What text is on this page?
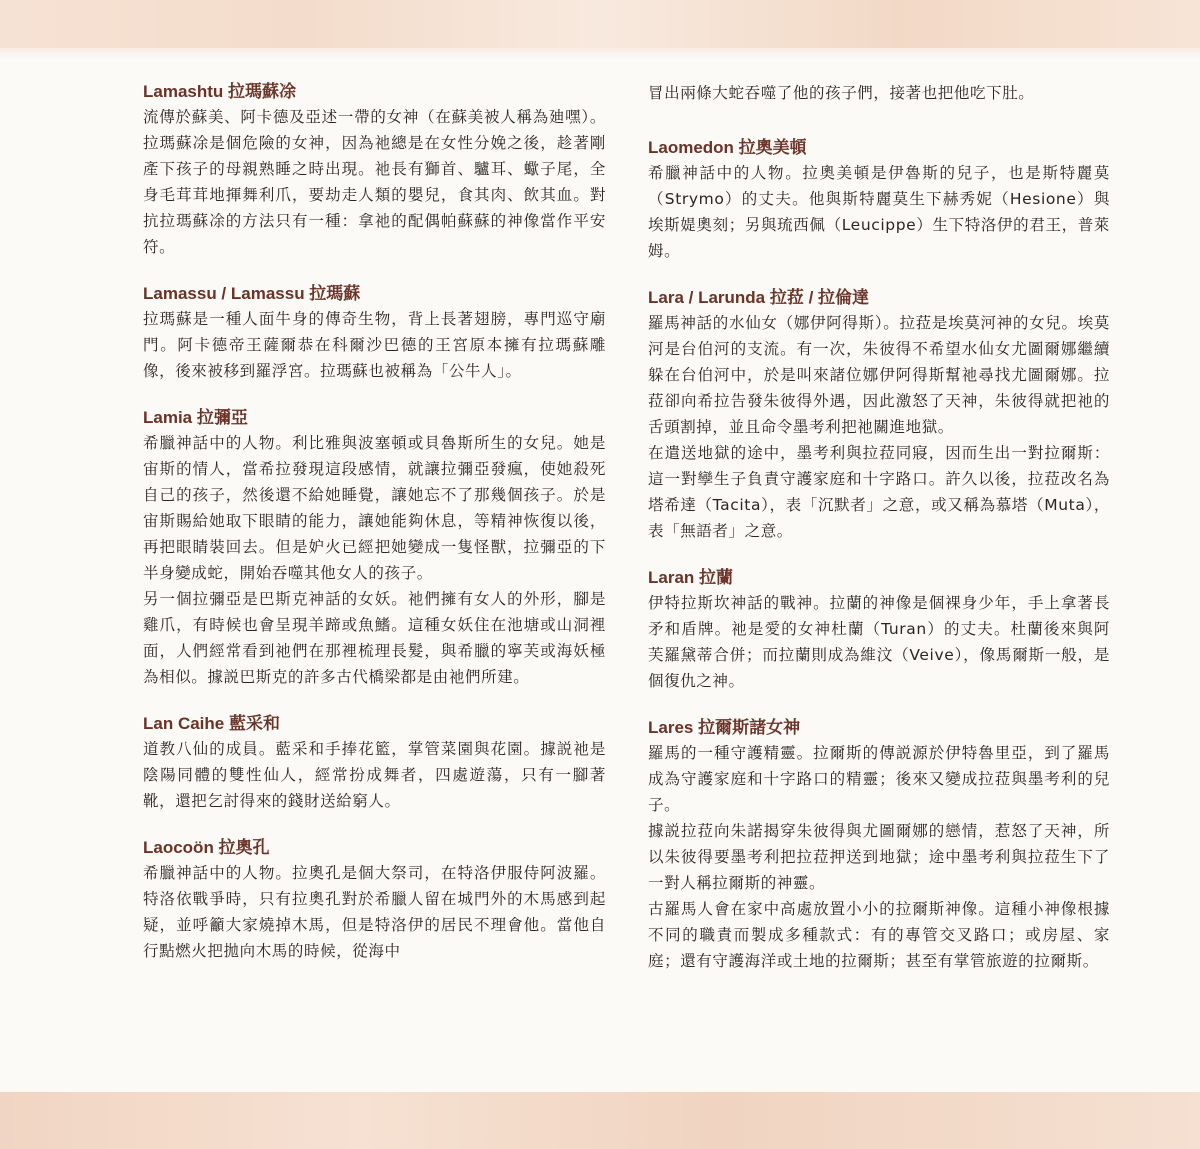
Lamashtu 拉瑪蘇凃

流傳於蘇美、阿卡德及亞述一帶的女神（在蘇美被人稱為廸嘿）。拉瑪蘇凃是個危險的女神，因為祂總是在女性分娩之後，趁著剛產下孩子的母親熟睡之時出現。祂長有獅首、驢耳、蠍子尾，全身毛茸茸地揮舞利爪，要劫走人類的嬰兒，食其肉、飲其血。對抗拉瑪蘇凃的方法只有一種：拿祂的配偶帕蘇蘇的神像當作平安符。

Lamassu / Lamassu 拉瑪蘇

拉瑪蘇是一種人面牛身的傳奇生物，背上長著翅膀，專門巡守廟門。阿卡德帝王薩爾恭在科爾沙巴德的王宮原本擁有拉瑪蘇雕像，後來被移到羅浮宮。拉瑪蘇也被稱為「公牛人」。

Lamia 拉彌亞

希臘神話中的人物。利比雅與波塞頓或貝魯斯所生的女兒。她是宙斯的情人，當希拉發現這段感情，就讓拉彌亞發瘋，使她殺死自己的孩子，然後還不給她睡覺，讓她忘不了那幾個孩子。於是宙斯賜給她取下眼睛的能力，讓她能夠休息，等精神恢復以後，再把眼睛裝回去。但是妒火已經把她變成一隻怪獸，拉彌亞的下半身變成蛇，開始吞噬其他女人的孩子。

另一個拉彌亞是巴斯克神話的女妖。祂們擁有女人的外形，腳是雞爪，有時候也會呈現羊蹄或魚鰭。這種女妖住在池塘或山洞裡面，人們經常看到祂們在那裡梳理長髮，與希臘的寧芙或海妖極為相似。據説巴斯克的許多古代橋梁都是由祂們所建。

Lan Caihe 藍采和

道教八仙的成員。藍采和手捧花籃，掌管菜園與花園。據説祂是陰陽同體的雙性仙人，經常扮成舞者，四處遊蕩，只有一腳著靴，還把乞討得來的錢財送給窮人。

Laocoön 拉奧孔

希臘神話中的人物。拉奧孔是個大祭司，在特洛伊服侍阿波羅。特洛依戰爭時，只有拉奧孔對於希臘人留在城門外的木馬感到起疑，並呼籲大家燒掉木馬，但是特洛伊的居民不理會他。當他自行點燃火把拋向木馬的時候，從海中

冒出兩條大蛇吞噬了他的孩子們，接著也把他吃下肚。

Laomedon 拉奧美頓

希臘神話中的人物。拉奧美頓是伊魯斯的兒子，也是斯特麗莫（Strymo）的丈夫。他與斯特麗莫生下赫秀妮（Hesione）與埃斯媞奧刻；另與琉西佩（Leucippe）生下特洛伊的君王，普萊姆。

Lara / Larunda 拉菈 / 拉倫達

羅馬神話的水仙女（娜伊阿得斯）。拉菈是埃莫河神的女兒。埃莫河是台伯河的支流。有一次，朱彼得不希望水仙女尤圖爾娜繼續躲在台伯河中，於是叫來諸位娜伊阿得斯幫祂尋找尤圖爾娜。拉菈卻向希拉告發朱彼得外遇，因此激怒了天神，朱彼得就把祂的舌頭割掉，並且命令墨考利把祂關進地獄。

在遣送地獄的途中，墨考利與拉菈同寢，因而生出一對拉爾斯：這一對孿生子負責守護家庭和十字路口。許久以後，拉菈改名為塔希達（Tacita），表「沉默者」之意，或又稱為慕塔（Muta），表「無語者」之意。

Laran 拉蘭

伊特拉斯坎神話的戰神。拉蘭的神像是個裸身少年，手上拿著長矛和盾牌。祂是愛的女神杜蘭（Turan）的丈夫。杜蘭後來與阿芙羅黛蒂合併；而拉蘭則成為維汶（Veive），像馬爾斯一般，是個復仇之神。

Lares 拉爾斯諸女神

羅馬的一種守護精靈。拉爾斯的傳説源於伊特魯里亞，到了羅馬成為守護家庭和十字路口的精靈；後來又變成拉菈與墨考利的兒子。

據説拉菈向朱諾揭穿朱彼得與尤圖爾娜的戀情，惹怒了天神，所以朱彼得要墨考利把拉菈押送到地獄；途中墨考利與拉菈生下了一對人稱拉爾斯的神靈。

古羅馬人會在家中高處放置小小的拉爾斯神像。這種小神像根據不同的職責而製成多種款式：有的專管交叉路口；或房屋、家庭；還有守護海洋或土地的拉爾斯；甚至有掌管旅遊的拉爾斯。
